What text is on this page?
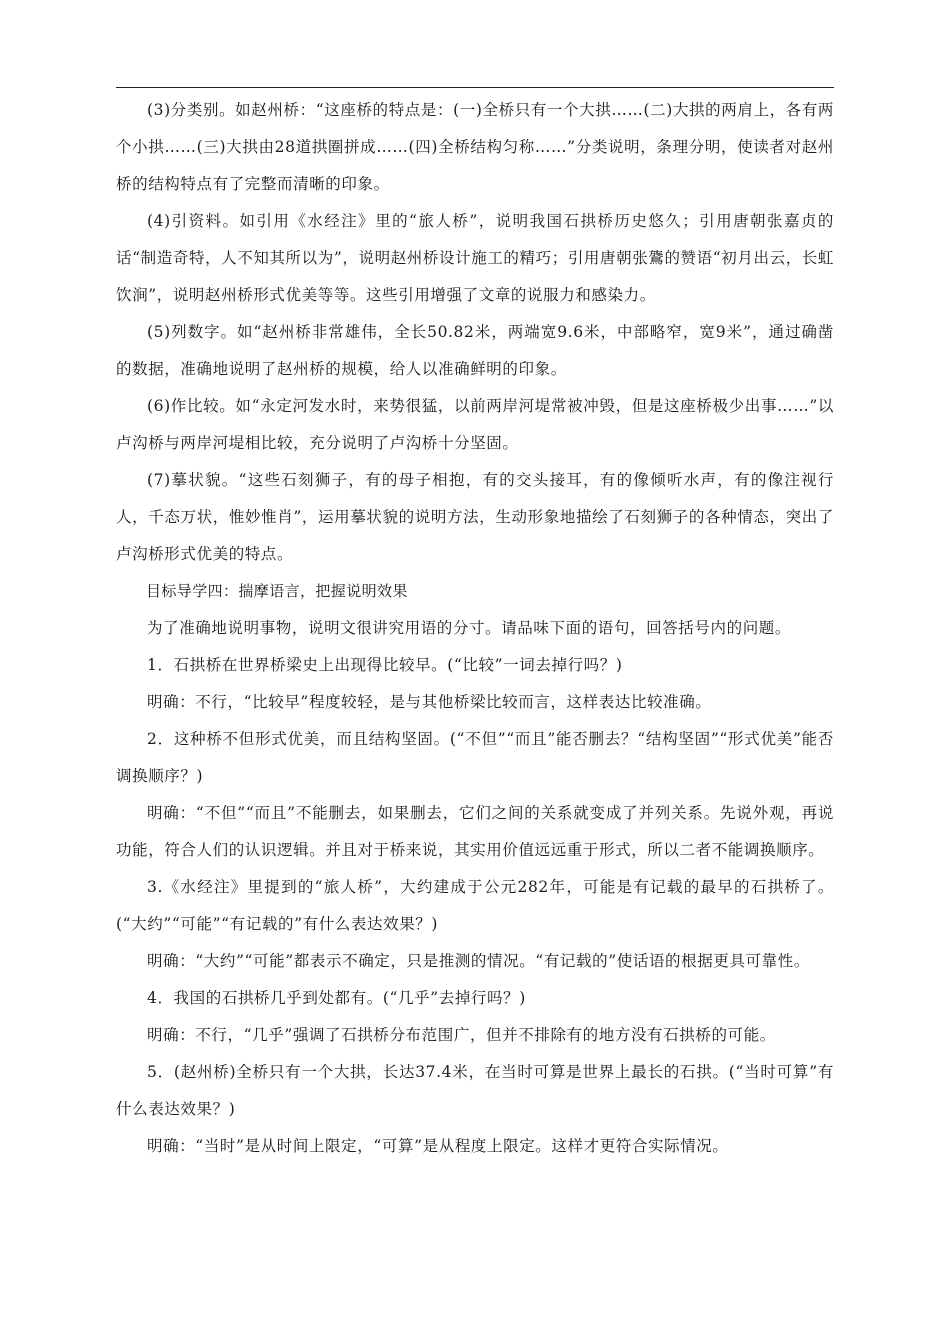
(3)分类别。如赵州桥：“这座桥的特点是：(一)全桥只有一个大拱……(二)大拱的两肩上，各有两个小拱……(三)大拱由28道拱圈拼成……(四)全桥结构匀称……”分类说明，条理分明，使读者对赵州桥的结构特点有了完整而清晰的印象。

(4)引资料。如引用《水经注》里的“旅人桥”，说明我国石拱桥历史悠久；引用唐朝张嘉贞的话“制造奇特，人不知其所以为”，说明赵州桥设计施工的精巧；引用唐朝张鷟的赞语“初月出云，长虹饮涧”，说明赵州桥形式优美等等。这些引用增强了文章的说服力和感染力。

(5)列数字。如“赵州桥非常雄伟，全长50.82米，两端宽9.6米，中部略窄，宽9米”，通过确凿的数据，准确地说明了赵州桥的规模，给人以准确鲜明的印象。

(6)作比较。如“永定河发水时，来势很猛，以前两岸河堤常被冲毁，但是这座桥极少出事……”以卢沟桥与两岸河堤相比较，充分说明了卢沟桥十分坚固。

(7)摹状貌。“这些石刻狮子，有的母子相抱，有的交头接耳，有的像倾听水声，有的像注视行人，千态万状，惟妙惟肖”，运用摹状貌的说明方法，生动形象地描绘了石刻狮子的各种情态，突出了卢沟桥形式优美的特点。

目标导学四：揣摩语言，把握说明效果

为了准确地说明事物，说明文很讲究用语的分寸。请品味下面的语句，回答括号内的问题。

1．石拱桥在世界桥梁史上出现得比较早。(“比较”一词去掉行吗？)

明确：不行，“比较早”程度较轻，是与其他桥梁比较而言，这样表达比较准确。

2．这种桥不但形式优美，而且结构坚固。(“不但”“而且”能否删去？“结构坚固”“形式优美”能否调换顺序？)

明确：“不但”“而且”不能删去，如果删去，它们之间的关系就变成了并列关系。先说外观，再说功能，符合人们的认识逻辑。并且对于桥来说，其实用价值远远重于形式，所以二者不能调换顺序。

3.《水经注》里提到的“旅人桥”，大约建成于公元282年，可能是有记载的最早的石拱桥了。(“大约”“可能”“有记载的”有什么表达效果？)

明确：“大约”“可能”都表示不确定，只是推测的情况。“有记载的”使话语的根据更具可靠性。

4．我国的石拱桥几乎到处都有。(“几乎”去掉行吗？)

明确：不行，“几乎”强调了石拱桥分布范围广，但并不排除有的地方没有石拱桥的可能。

5．(赵州桥)全桥只有一个大拱，长达37.4米，在当时可算是世界上最长的石拱。(“当时可算”有什么表达效果？)

明确：“当时”是从时间上限定，“可算”是从程度上限定。这样才更符合实际情况。
